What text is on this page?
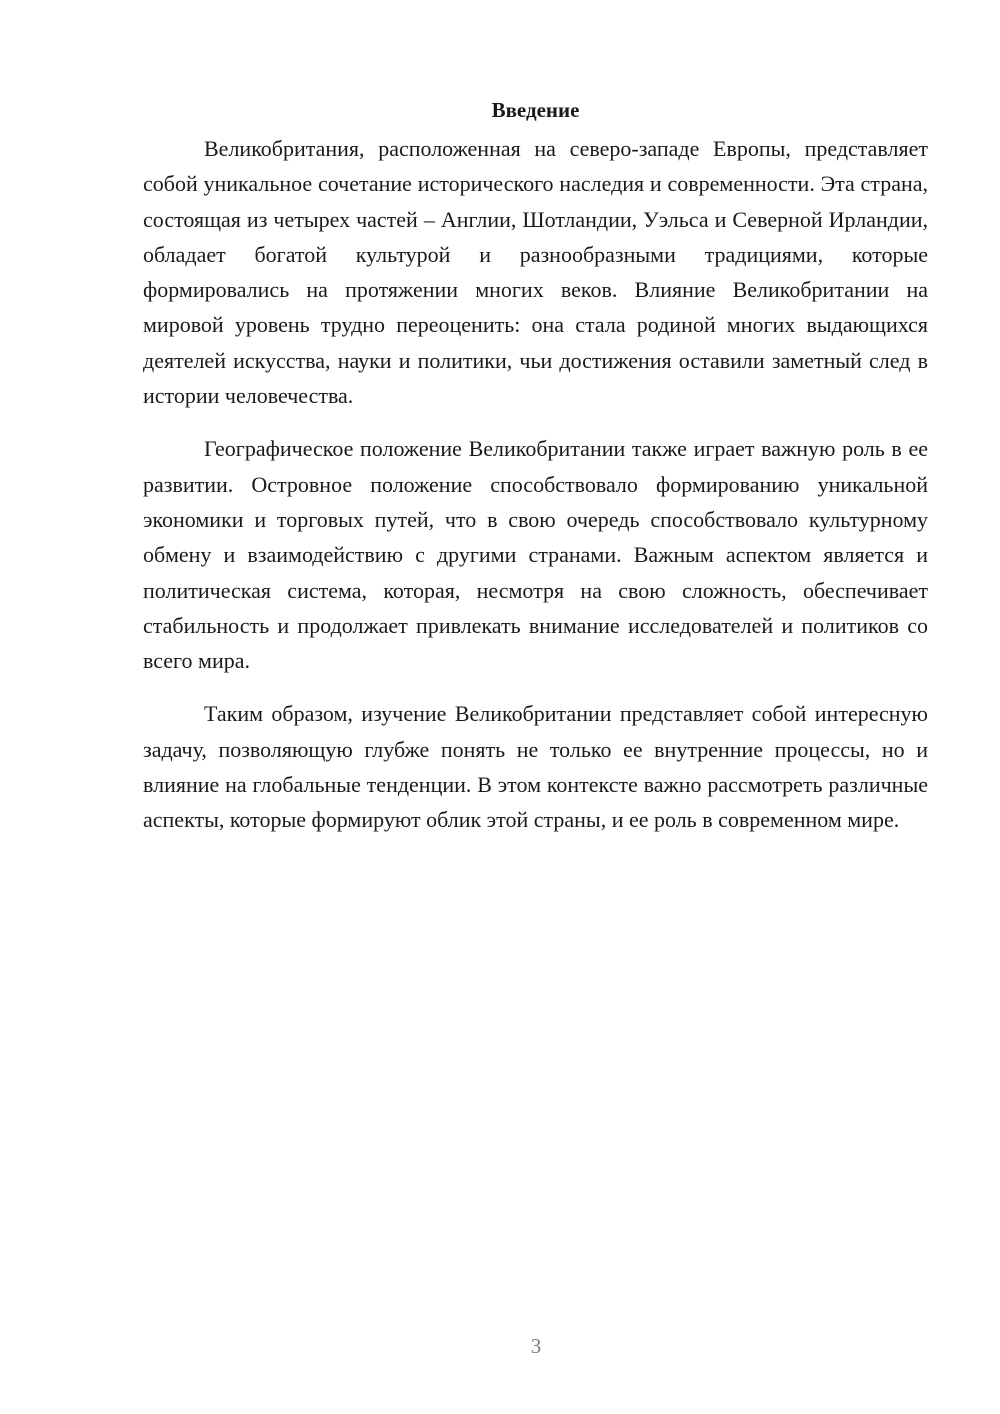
Введение

Великобритания, расположенная на северо-западе Европы, представляет собой уникальное сочетание исторического наследия и современности. Эта страна, состоящая из четырех частей – Англии, Шотландии, Уэльса и Северной Ирландии, обладает богатой культурой и разнообразными традициями, которые формировались на протяжении многих веков. Влияние Великобритании на мировой уровень трудно переоценить: она стала родиной многих выдающихся деятелей искусства, науки и политики, чьи достижения оставили заметный след в истории человечества.

Географическое положение Великобритании также играет важную роль в ее развитии. Островное положение способствовало формированию уникальной экономики и торговых путей, что в свою очередь способствовало культурному обмену и взаимодействию с другими странами. Важным аспектом является и политическая система, которая, несмотря на свою сложность, обеспечивает стабильность и продолжает привлекать внимание исследователей и политиков со всего мира.

Таким образом, изучение Великобритании представляет собой интересную задачу, позволяющую глубже понять не только ее внутренние процессы, но и влияние на глобальные тенденции. В этом контексте важно рассмотреть различные аспекты, которые формируют облик этой страны, и ее роль в современном мире.

3
